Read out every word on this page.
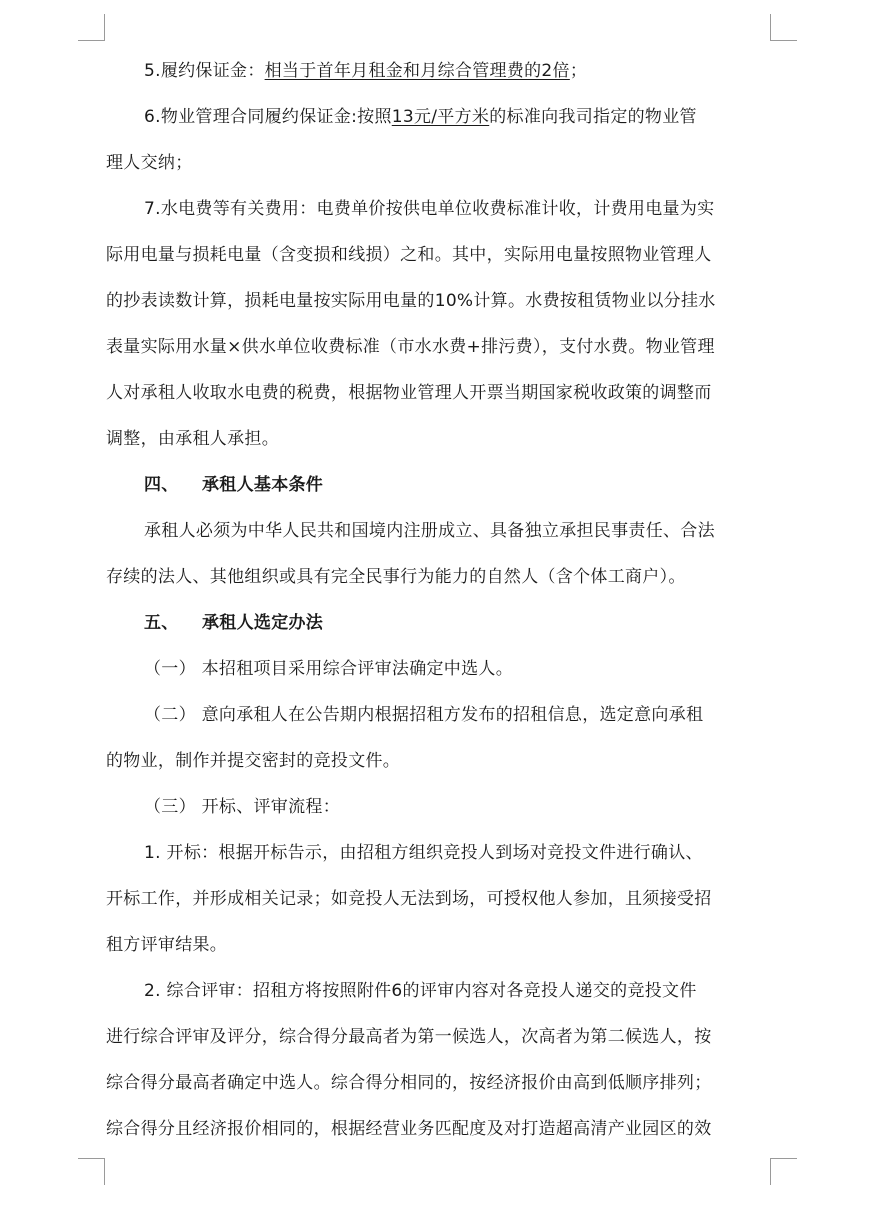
5.履约保证金：相当于首年月租金和月综合管理费的2倍；
6.物业管理合同履约保证金:按照13元/平方米的标准向我司指定的物业管
理人交纳；
7.水电费等有关费用：电费单价按供电单位收费标准计收，计费用电量为实
际用电量与损耗电量（含变损和线损）之和。其中，实际用电量按照物业管理人
的抄表读数计算，损耗电量按实际用电量的10%计算。水费按租赁物业以分挂水
表量实际用水量×供水单位收费标准（市水水费+排污费），支付水费。物业管理
人对承租人收取水电费的税费，根据物业管理人开票当期国家税收政策的调整而
调整，由承租人承担。
四、 承租人基本条件
承租人必须为中华人民共和国境内注册成立、具备独立承担民事责任、合法
存续的法人、其他组织或具有完全民事行为能力的自然人（含个体工商户）。
五、 承租人选定办法
（一） 本招租项目采用综合评审法确定中选人。
（二） 意向承租人在公告期内根据招租方发布的招租信息，选定意向承租
的物业，制作并提交密封的竞投文件。
（三） 开标、评审流程：
1. 开标：根据开标告示，由招租方组织竞投人到场对竞投文件进行确认、
开标工作，并形成相关记录；如竞投人无法到场，可授权他人参加，且须接受招
租方评审结果。
2. 综合评审：招租方将按照附件6的评审内容对各竞投人递交的竞投文件
进行综合评审及评分，综合得分最高者为第一候选人，次高者为第二候选人，按
综合得分最高者确定中选人。综合得分相同的，按经济报价由高到低顺序排列；
综合得分且经济报价相同的，根据经营业务匹配度及对打造超高清产业园区的效
